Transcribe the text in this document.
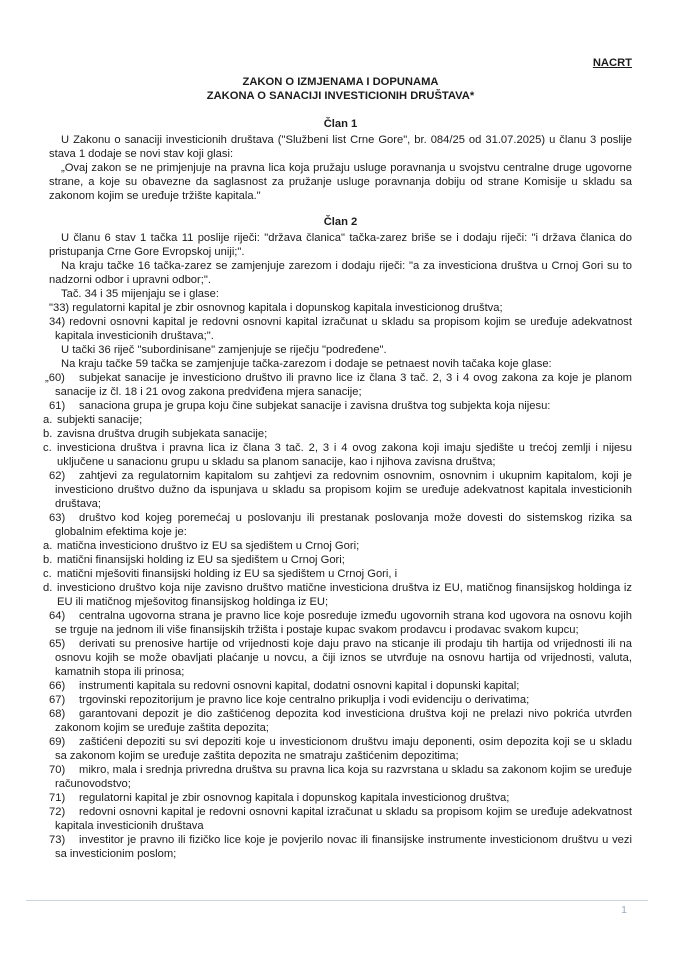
NACRT
ZAKON O IZMJENAMA I DOPUNAMA
ZAKONA O SANACIJI INVESTICIONIH DRUŠTAVA*
Član 1
U Zakonu o sanaciji investicionih društava ("Službeni list Crne Gore", br. 084/25 od 31.07.2025) u članu 3 poslije stava 1 dodaje se novi stav koji glasi:
„Ovaj zakon se ne primjenjuje na pravna lica koja pružaju usluge poravnanja u svojstvu centralne druge ugovorne strane, a koje su obavezne da saglasnost za pružanje usluge poravnanja dobiju od strane Komisije u skladu sa zakonom kojim se uređuje tržište kapitala."
Član 2
U članu 6 stav 1 tačka 11 poslije riječi: "država članica" tačka-zarez briše se i dodaju riječi: "i država članica do pristupanja Crne Gore Evropskoj uniji;".
Na kraju tačke 16 tačka-zarez se zamjenjuje zarezom i dodaju riječi: "a za investiciona društva u Crnoj Gori su to nadzorni odbor i upravni odbor;".
Tač. 34 i 35 mijenjaju se i glase:
"33) regulatorni kapital je zbir osnovnog kapitala i dopunskog kapitala investicionog društva;
34) redovni osnovni kapital je redovni osnovni kapital izračunat u skladu sa propisom kojim se uređuje adekvatnost kapitala investicionih društava;".
U tački 36 riječ "subordinisane" zamjenjuje se riječju "podređene".
Na kraju tačke 59 tačka se zamjenjuje tačka-zarezom i dodaje se petnaest novih tačaka koje glase:
„60) subjekat sanacije je investiciono društvo ili pravno lice iz člana 3 tač. 2, 3 i 4 ovog zakona za koje je planom sanacije iz čl. 18 i 21 ovog zakona predviđena mjera sanacije;
61) sanaciona grupa je grupa koju čine subjekat sanacije i zavisna društva tog subjekta koja nijesu:
a. subjekti sanacije;
b. zavisna društva drugih subjekata sanacije;
c. investiciona društva i pravna lica iz člana 3 tač. 2, 3 i 4 ovog zakona koji imaju sjedište u trećoj zemlji i nijesu uključene u sanacionu grupu u skladu sa planom sanacije, kao i njihova zavisna društva;
62) zahtjevi za regulatornim kapitalom su zahtjevi za redovnim osnovnim, osnovnim i ukupnim kapitalom, koji je investiciono društvo dužno da ispunjava u skladu sa propisom kojim se uređuje adekvatnost kapitala investicionih društava;
63) društvo kod kojeg poremećaj u poslovanju ili prestanak poslovanja može dovesti do sistemskog rizika sa globalnim efektima koje je:
a. matična investiciono društvo iz EU sa sjedištem u Crnoj Gori;
b. matični finansijski holding iz EU sa sjedištem u Crnoj Gori;
c. matični mješoviti finansijski holding iz EU sa sjedištem u Crnoj Gori, i
d. investiciono društvo koja nije zavisno društvo matične investiciona društva iz EU, matičnog finansijskog holdinga iz EU ili matičnog mješovitog finansijskog holdinga iz EU;
64) centralna ugovorna strana je pravno lice koje posreduje između ugovornih strana kod ugovora na osnovu kojih se trguje na jednom ili više finansijskih tržišta i postaje kupac svakom prodavcu i prodavac svakom kupcu;
65) derivati su prenosive hartije od vrijednosti koje daju pravo na sticanje ili prodaju tih hartija od vrijednosti ili na osnovu kojih se može obavljati plaćanje u novcu, a čiji iznos se utvrđuje na osnovu hartija od vrijednosti, valuta, kamatnih stopa ili prinosa;
66) instrumenti kapitala su redovni osnovni kapital, dodatni osnovni kapital i dopunski kapital;
67) trgovinski repozitorijum je pravno lice koje centralno prikuplja i vodi evidenciju o derivatima;
68) garantovani depozit je dio zaštićenog depozita kod investiciona društva koji ne prelazi nivo pokrića utvrđen zakonom kojim se uređuje zaštita depozita;
69) zaštićeni depoziti su svi depoziti koje u investicionom društvu imaju deponenti, osim depozita koji se u skladu sa zakonom kojim se uređuje zaštita depozita ne smatraju zaštićenim depozitima;
70) mikro, mala i srednja privredna društva su pravna lica koja su razvrstana u skladu sa zakonom kojim se uređuje računovodstvo;
71) regulatorni kapital je zbir osnovnog kapitala i dopunskog kapitala investicionog društva;
72) redovni osnovni kapital je redovni osnovni kapital izračunat u skladu sa propisom kojim se uređuje adekvatnost kapitala investicionih društava
73) investitor je pravno ili fizičko lice koje je povjerilo novac ili finansijske instrumente investicionom društvu u vezi sa investicionim poslom;
1
